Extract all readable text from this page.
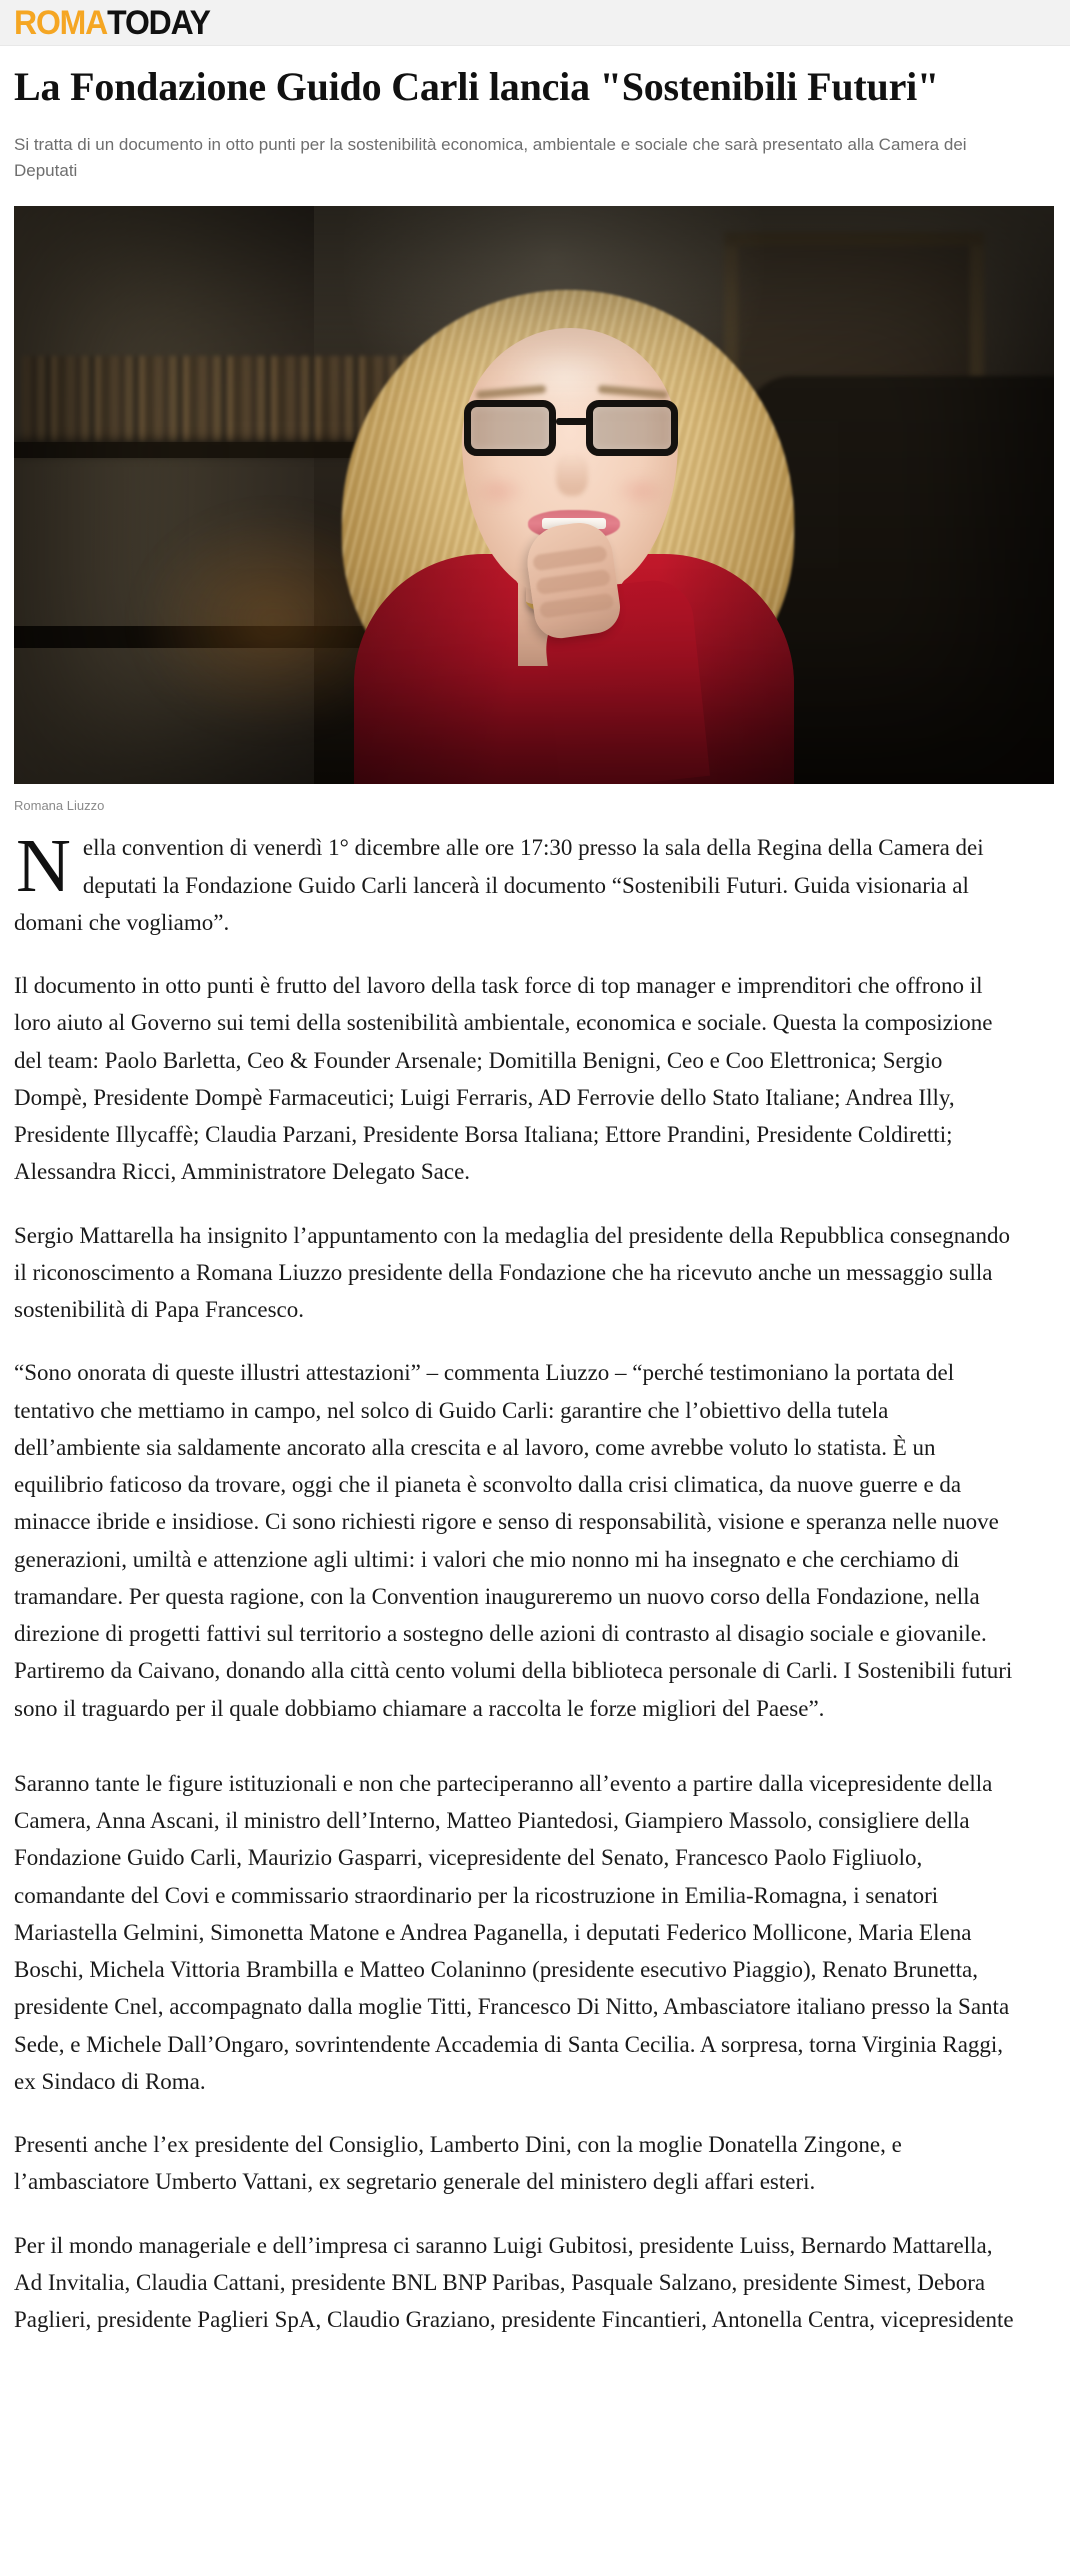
ROMA TODAY
La Fondazione Guido Carli lancia "Sostenibili Futuri"

Si tratta di un documento in otto punti per la sostenibilità economica, ambientale e sociale che sarà presentato alla Camera dei Deputati

Romana Liuzzo

Nella convention di venerdì 1° dicembre alle ore 17:30 presso la sala della Regina della Camera dei deputati la Fondazione Guido Carli lancerà il documento “Sostenibili Futuri. Guida visionaria al domani che vogliamo”.

Il documento in otto punti è frutto del lavoro della task force di top manager e imprenditori che offrono il loro aiuto al Governo sui temi della sostenibilità ambientale, economica e sociale. Questa la composizione del team: Paolo Barletta, Ceo & Founder Arsenale; Domitilla Benigni, Ceo e Coo Elettronica; Sergio Dompè, Presidente Dompè Farmaceutici; Luigi Ferraris, AD Ferrovie dello Stato Italiane; Andrea Illy, Presidente Illycaffè; Claudia Parzani, Presidente Borsa Italiana; Ettore Prandini, Presidente Coldiretti; Alessandra Ricci, Amministratore Delegato Sace.

Sergio Mattarella ha insignito l’appuntamento con la medaglia del presidente della Repubblica consegnando il riconoscimento a Romana Liuzzo presidente della Fondazione che ha ricevuto anche un messaggio sulla sostenibilità di Papa Francesco.

“Sono onorata di queste illustri attestazioni” – commenta Liuzzo – “perché testimoniano la portata del tentativo che mettiamo in campo, nel solco di Guido Carli: garantire che l’obiettivo della tutela dell’ambiente sia saldamente ancorato alla crescita e al lavoro, come avrebbe voluto lo statista. È un equilibrio faticoso da trovare, oggi che il pianeta è sconvolto dalla crisi climatica, da nuove guerre e da minacce ibride e insidiose. Ci sono richiesti rigore e senso di responsabilità, visione e speranza nelle nuove generazioni, umiltà e attenzione agli ultimi: i valori che mio nonno mi ha insegnato e che cerchiamo di tramandare. Per questa ragione, con la Convention inaugureremo un nuovo corso della Fondazione, nella direzione di progetti fattivi sul territorio a sostegno delle azioni di contrasto al disagio sociale e giovanile. Partiremo da Caivano, donando alla città cento volumi della biblioteca personale di Carli. I Sostenibili futuri sono il traguardo per il quale dobbiamo chiamare a raccolta le forze migliori del Paese”.

Saranno tante le figure istituzionali e non che parteciperanno all’evento a partire dalla vicepresidente della Camera, Anna Ascani, il ministro dell’Interno, Matteo Piantedosi, Giampiero Massolo, consigliere della Fondazione Guido Carli, Maurizio Gasparri, vicepresidente del Senato, Francesco Paolo Figliuolo, comandante del Covi e commissario straordinario per la ricostruzione in Emilia-Romagna, i senatori Mariastella Gelmini, Simonetta Matone e Andrea Paganella, i deputati Federico Mollicone, Maria Elena Boschi, Michela Vittoria Brambilla e Matteo Colaninno (presidente esecutivo Piaggio), Renato Brunetta, presidente Cnel, accompagnato dalla moglie Titti, Francesco Di Nitto, Ambasciatore italiano presso la Santa Sede, e Michele Dall’Ongaro, sovrintendente Accademia di Santa Cecilia. A sorpresa, torna Virginia Raggi, ex Sindaco di Roma.

Presenti anche l’ex presidente del Consiglio, Lamberto Dini, con la moglie Donatella Zingone, e l’ambasciatore Umberto Vattani, ex segretario generale del ministero degli affari esteri.

Per il mondo manageriale e dell’impresa ci saranno Luigi Gubitosi, presidente Luiss, Bernardo Mattarella, Ad Invitalia, Claudia Cattani, presidente BNL BNP Paribas, Pasquale Salzano, presidente Simest, Debora Paglieri, presidente Paglieri SpA, Claudio Graziano, presidente Fincantieri, Antonella Centra, vicepresidente
